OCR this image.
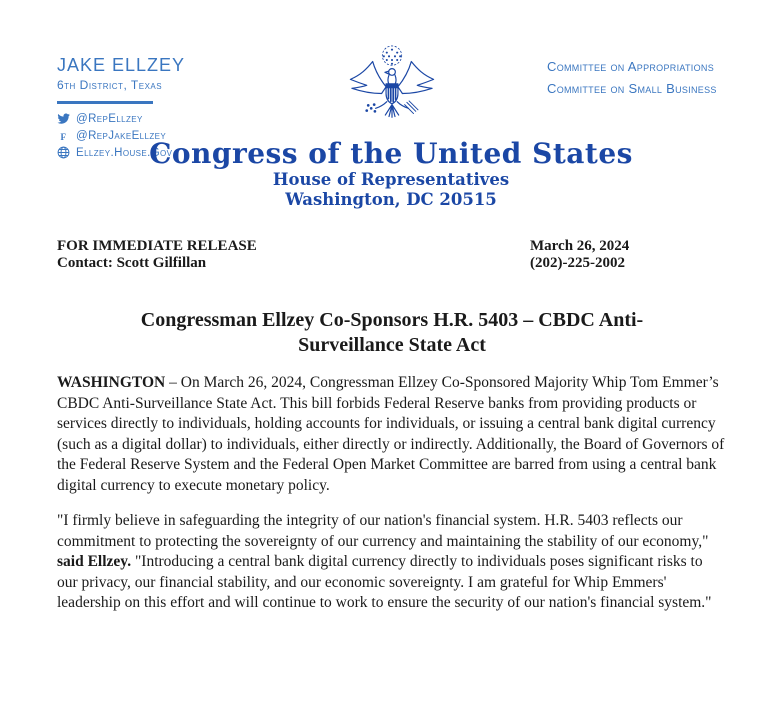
JAKE ELLZEY
6th District, Texas
@RepEllzey
f @RepJakeEllzey
Ellzey.House.Gov
Committee on Appropriations
Committee on Small Business
Congress of the United States
House of Representatives
Washington, DC 20515
FOR IMMEDIATE RELEASE
Contact: Scott Gilfillan
March 26, 2024
(202)-225-2002
Congressman Ellzey Co-Sponsors H.R. 5403 – CBDC Anti-Surveillance State Act

WASHINGTON – On March 26, 2024, Congressman Ellzey Co-Sponsored Majority Whip Tom Emmer’s CBDC Anti-Surveillance State Act. This bill forbids Federal Reserve banks from providing products or services directly to individuals, holding accounts for individuals, or issuing a central bank digital currency (such as a digital dollar) to individuals, either directly or indirectly. Additionally, the Board of Governors of the Federal Reserve System and the Federal Open Market Committee are barred from using a central bank digital currency to execute monetary policy.

"I firmly believe in safeguarding the integrity of our nation's financial system. H.R. 5403 reflects our commitment to protecting the sovereignty of our currency and maintaining the stability of our economy," said Ellzey. "Introducing a central bank digital currency directly to individuals poses significant risks to our privacy, our financial stability, and our economic sovereignty. I am grateful for Whip Emmers' leadership on this effort and will continue to work to ensure the security of our nation's financial system."
